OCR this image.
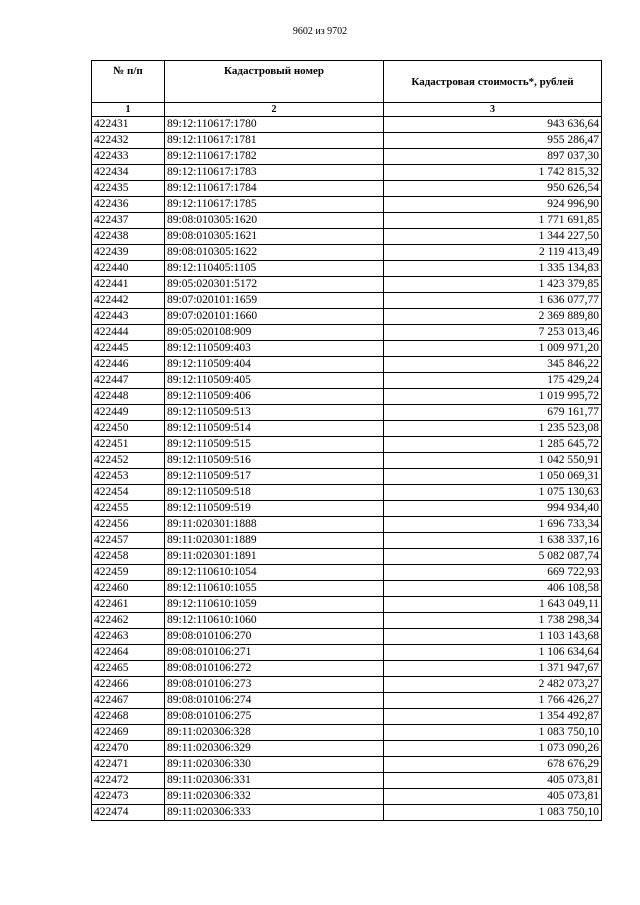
9602 из 9702
№ п/п	Кадастровый номер	Кадастровая стоимость*, рублей
1	2	3
422431	89:12:110617:1780	943 636,64
422432	89:12:110617:1781	955 286,47
422433	89:12:110617:1782	897 037,30
422434	89:12:110617:1783	1 742 815,32
422435	89:12:110617:1784	950 626,54
422436	89:12:110617:1785	924 996,90
422437	89:08:010305:1620	1 771 691,85
422438	89:08:010305:1621	1 344 227,50
422439	89:08:010305:1622	2 119 413,49
422440	89:12:110405:1105	1 335 134,83
422441	89:05:020301:5172	1 423 379,85
422442	89:07:020101:1659	1 636 077,77
422443	89:07:020101:1660	2 369 889,80
422444	89:05:020108:909	7 253 013,46
422445	89:12:110509:403	1 009 971,20
422446	89:12:110509:404	345 846,22
422447	89:12:110509:405	175 429,24
422448	89:12:110509:406	1 019 995,72
422449	89:12:110509:513	679 161,77
422450	89:12:110509:514	1 235 523,08
422451	89:12:110509:515	1 285 645,72
422452	89:12:110509:516	1 042 550,91
422453	89:12:110509:517	1 050 069,31
422454	89:12:110509:518	1 075 130,63
422455	89:12:110509:519	994 934,40
422456	89:11:020301:1888	1 696 733,34
422457	89:11:020301:1889	1 638 337,16
422458	89:11:020301:1891	5 082 087,74
422459	89:12:110610:1054	669 722,93
422460	89:12:110610:1055	406 108,58
422461	89:12:110610:1059	1 643 049,11
422462	89:12:110610:1060	1 738 298,34
422463	89:08:010106:270	1 103 143,68
422464	89:08:010106:271	1 106 634,64
422465	89:08:010106:272	1 371 947,67
422466	89:08:010106:273	2 482 073,27
422467	89:08:010106:274	1 766 426,27
422468	89:08:010106:275	1 354 492,87
422469	89:11:020306:328	1 083 750,10
422470	89:11:020306:329	1 073 090,26
422471	89:11:020306:330	678 676,29
422472	89:11:020306:331	405 073,81
422473	89:11:020306:332	405 073,81
422474	89:11:020306:333	1 083 750,10
